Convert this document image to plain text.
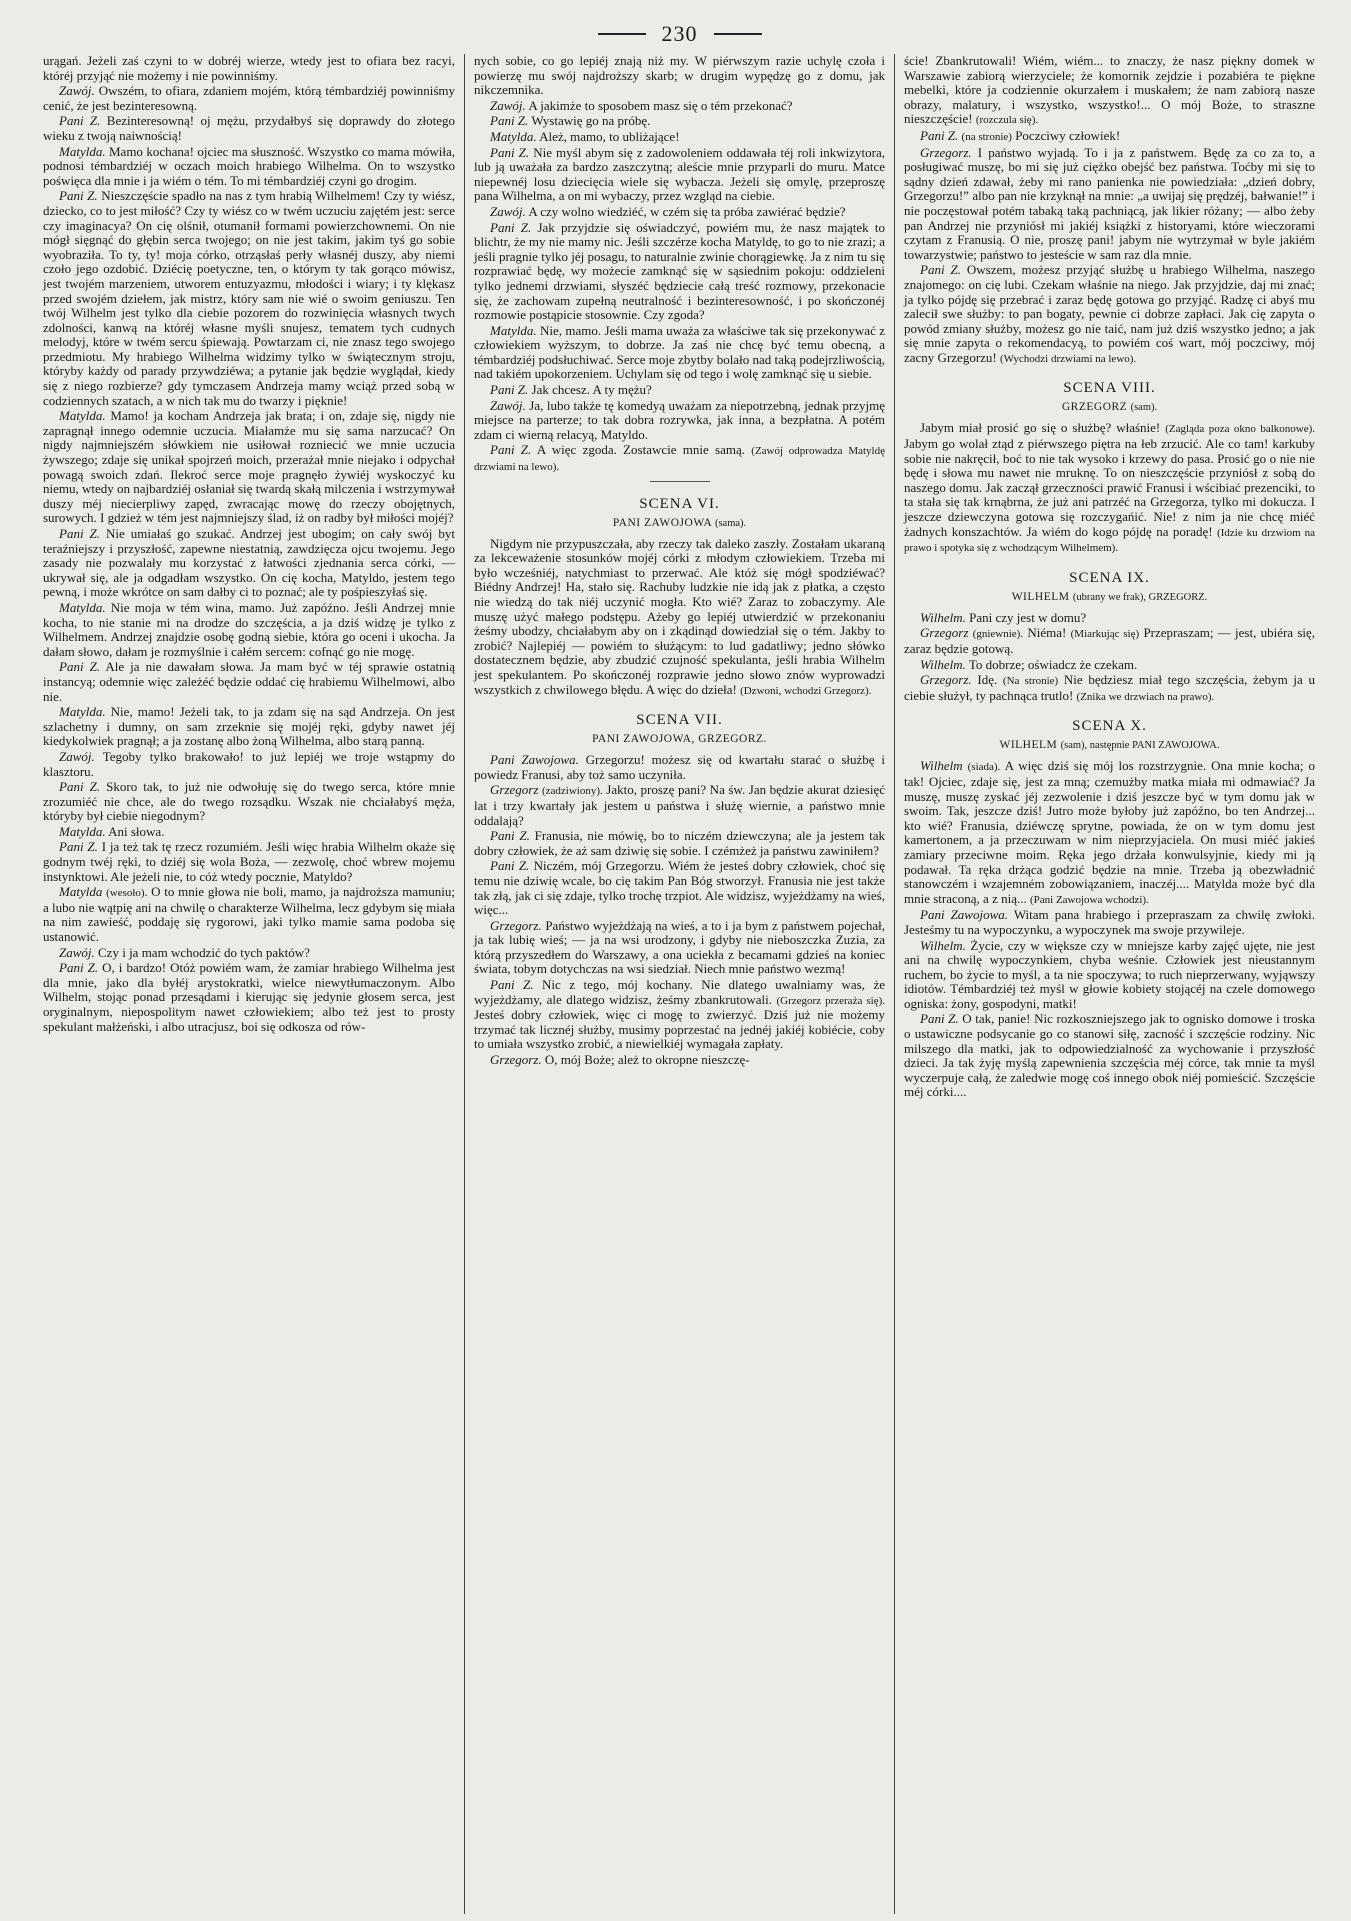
230

urągań. Jeżeli zaś czyni to w dobréj wierze, wtedy jest to ofiara bez racyi, któréj przyjąć nie możemy i nie powinniśmy.

Zawój. Owszém, to ofiara, zdaniem mojém, którą témbardziéj powinniśmy cenić, że jest bezinteresowną.

Pani Z. Bezinteresowną! oj mężu, przydałbyś się doprawdy do złotego wieku z twoją naiwnością!

Matylda. Mamo kochana! ojciec ma słuszność. Wszystko co mama mówiła, podnosi témbardziéj w oczach moich hrabiego Wilhelma. On to wszystko poświęca dla mnie i ja wiém o tém. To mi témbardziéj czyni go drogim.

Pani Z. Nieszczęście spadło na nas z tym hrabią Wilhelmem! Czy ty wiész, dziecko, co to jest miłość? Czy ty wiész co w twém uczuciu zajętém jest: serce czy imaginacya? On cię olśnił, otumanił formami powierzchownemi. On nie mógł sięgnąć do głębin serca twojego; on nie jest takim, jakim tyś go sobie wyobraziła. To ty, ty! moja córko, otrząsłaś perły własnéj duszy, aby niemi czoło jego ozdobić. Dziécię poetyczne, ten, o którym ty tak gorąco mówisz, jest twojém marzeniem, utworem entuzyazmu, młodości i wiary; i ty klękasz przed swojém dziełem, jak mistrz, który sam nie wié o swoim geniuszu. Ten twój Wilhelm jest tylko dla ciebie pozorem do rozwinięcia własnych twych zdolności, kanwą na któréj własne myśli snujesz, tematem tych cudnych melodyj, które w twém sercu śpiewają. Powtarzam ci, nie znasz tego swojego przedmiotu. My hrabiego Wilhelma widzimy tylko w świątecznym stroju, któryby każdy od parady przywdziéwa; a pytanie jak będzie wyglądał, kiedy się z niego rozbierze? gdy tymczasem Andrzeja mamy wciąż przed sobą w codziennych szatach, a w nich tak mu do twarzy i pięknie!

Matylda. Mamo! ja kocham Andrzeja jak brata; i on, zdaje się, nigdy nie zapragnął innego odemnie uczucia. Miałamże mu się sama narzucać? On nigdy najmniejszém słówkiem nie usiłował rozniecić we mnie uczucia żywszego; zdaje się unikał spojrzeń moich, przerażał mnie niejako i odpychał powagą swoich zdań. Ilekroć serce moje pragnęło żywiéj wyskoczyć ku niemu, wtedy on najbardziéj osłaniał się twardą skałą milczenia i wstrzymywał duszy méj niecierpliwy zapęd, zwracając mowę do rzeczy obojętnych, surowych. I gdzież w tém jest najmniejszy ślad, iż on radby był miłości mojéj?

Pani Z. Nie umiałaś go szukać. Andrzej jest ubogim; on cały swój byt teraźniejszy i przyszłość, zapewne niestatnią, zawdzięcza ojcu twojemu. Jego zasady nie pozwalały mu korzystać z łatwości zjednania serca córki, — ukrywał się, ale ja odgadłam wszystko. On cię kocha, Matyldo, jestem tego pewną, i może wkrótce on sam dałby ci to poznać; ale ty pośpieszyłaś się.

Matylda. Nie moja w tém wina, mamo. Już zapóźno. Jeśli Andrzej mnie kocha, to nie stanie mi na drodze do szczęścia, a ja dziś widzę je tylko z Wilhelmem. Andrzej znajdzie osobę godną siebie, która go oceni i ukocha. Ja dałam słowo, dałam je rozmyślnie i całém sercem: cofnąć go nie mogę.

Pani Z. Ale ja nie dawałam słowa. Ja mam być w téj sprawie ostatnią instancyą; odemnie więc zależéć będzie oddać cię hrabiemu Wilhelmowi, albo nie.

Matylda. Nie, mamo! Jeżeli tak, to ja zdam się na sąd Andrzeja. On jest szlachetny i dumny, on sam zrzeknie się mojéj ręki, gdyby nawet jéj kiedykolwiek pragnął; a ja zostanę albo żoną Wilhelma, albo starą panną.

Zawój. Tegoby tylko brakowało! to już lepiéj we troje wstąpmy do klasztoru.

Pani Z. Skoro tak, to już nie odwołuję się do twego serca, które mnie zrozumiéć nie chce, ale do twego rozsądku. Wszak nie chciałabyś męża, któryby był ciebie niegodnym?

Matylda. Ani słowa.

Pani Z. I ja też tak tę rzecz rozumiém. Jeśli więc hrabia Wilhelm okaże się godnym twéj ręki, to dziéj się wola Boża, — zezwolę, choć wbrew mojemu instynktowi. Ale jeżeli nie, to cóż wtedy pocznie, Matyldo?

Matylda (wesoło). O to mnie głowa nie boli, mamo, ja najdroższa mamuniu; a lubo nie wątpię ani na chwilę o charakterze Wilhelma, lecz gdybym się miała na nim zawieść, poddaję się rygorowi, jaki tylko mamie sama podoba się ustanowić.

Zawój. Czy i ja mam wchodzić do tych paktów?

Pani Z. O, i bardzo! Otóż powiém wam, że zamiar hrabiego Wilhelma jest dla mnie, jako dla byłéj arystokratki, wielce niewytłumaczonym. Albo Wilhelm, stojąc ponad przesądami i kierując się jedynie głosem serca, jest oryginalnym, niepospolitym nawet człowiekiem; albo też jest to prosty spekulant małżeński, i albo utracjusz, boi się odkosza od rów-

nych sobie, co go lepiéj znają niż my. W piérwszym razie uchylę czoła i powierzę mu swój najdroższy skarb; w drugim wypędzę go z domu, jak nikczemnika.

Zawój. A jakimże to sposobem masz się o tém przekonać?

Pani Z. Wystawię go na próbę.

Matylda. Ależ, mamo, to ubliżające!

Pani Z. Nie myśl abym się z zadowoleniem oddawała téj roli inkwizytora, lub ją uważała za bardzo zaszczytną; aleście mnie przyparli do muru. Matce niepewnéj losu dziecięcia wiele się wybacza. Jeżeli się omylę, przeproszę pana Wilhelma, a on mi wybaczy, przez wzgląd na ciebie.

Zawój. A czy wolno wiedziéć, w czém się ta próba zawiérać będzie?

Pani Z. Jak przyjdzie się oświadczyć, powiém mu, że nasz majątek to blichtr, że my nie mamy nic. Jeśli szczérze kocha Matyldę, to go to nie zrazi; a jeśli pragnie tylko jéj posagu, to naturalnie zwinie chorągiewkę. Ja z nim tu się rozprawiać będę, wy możecie zamknąć się w sąsiednim pokoju: oddzieleni tylko jednemi drzwiami, słyszéć będziecie całą treść rozmowy, przekonacie się, że zachowam zupełną neutralność i bezinteresowność, i po skończonéj rozmowie postąpicie stosownie. Czy zgoda?

Matylda. Nie, mamo. Jeśli mama uważa za właściwe tak się przekonywać z człowiekiem wyższym, to dobrze. Ja zaś nie chcę być temu obecną, a témbardziéj podsłuchiwać. Serce moje zbytby bolało nad taką podejrzliwością, nad takiém upokorzeniem. Uchylam się od tego i wolę zamknąć się u siebie.

Pani Z. Jak chcesz. A ty mężu?

Zawój. Ja, lubo także tę komedyą uważam za niepotrzebną, jednak przyjmę miejsce na parterze; to tak dobra rozrywka, jak inna, a bezpłatna. A potém zdam ci wierną relacyą, Matyldo.

Pani Z. A więc zgoda. Zostawcie mnie samą. (Zawój odprowadza Matyldę drzwiami na lewo).

SCENA VI.
PANI ZAWOJOWA (sama).

Nigdym nie przypuszczała, aby rzeczy tak daleko zaszły. Zostałam ukaraną za lekceważenie stosunków mojéj córki z młodym człowiekiem. Trzeba mi było wcześniéj, natychmiast to przerwać. Ale któż się mógł spodziéwać? Biédny Andrzej! Ha, stało się. Rachuby ludzkie nie idą jak z płatka, a często nie wiedzą do tak niéj uczynić mogła. Kto wié? Zaraz to zobaczymy. Ale muszę użyć małego podstępu. Ażeby go lepiéj utwierdzić w przekonaniu żeśmy ubodzy, chciałabym aby on i zkądinąd dowiedział się o tém. Jakby to zrobić? Najlepiéj — powiém to służącym: to lud gadatliwy; jedno słówko dostatecznem będzie, aby zbudzić czujność spekulanta, jeśli hrabia Wilhelm jest spekulantem. Po skończonéj rozprawie jedno słowo znów wyprowadzi wszystkich z chwilowego błędu. A więc do dzieła! (Dzwoni, wchodzi Grzegorz).

SCENA VII.
PANI ZAWOJOWA, GRZEGORZ.

Pani Zawojowa. Grzegorzu! możesz się od kwartału starać o służbę i powiedz Franusi, aby toż samo uczyniła.

Grzegorz (zadziwiony). Jakto, proszę pani? Na św. Jan będzie akurat dziesięć lat i trzy kwartały jak jestem u państwa i służę wiernie, a państwo mnie oddalają?

Pani Z. Franusia, nie mówię, bo to niczém dziewczyna; ale ja jestem tak dobry człowiek, że aż sam dziwię się sobie. I czémżeż ja państwu zawiniłem?

Pani Z. Niczém, mój Grzegorzu. Wiém że jesteś dobry człowiek, choć się temu nie dziwię wcale, bo cię takim Pan Bóg stworzył. Franusia nie jest także tak złą, jak ci się zdaje, tylko trochę trzpiot. Ale widzisz, wyjeżdżamy na wieś, więc...

Grzegorz. Państwo wyjeżdżają na wieś, a to i ja bym z państwem pojechał, ja tak lubię wieś; — ja na wsi urodzony, i gdyby nie nieboszczka Zuzia, za którą przyszedłem do Warszawy, a ona uciekła z becamami gdzieś na koniec świata, tobym dotychczas na wsi siedział. Niech mnie państwo wezmą!

Pani Z. Nic z tego, mój kochany. Nie dlatego uwalniamy was, że wyjeżdżamy, ale dlatego widzisz, żeśmy zbankrutowali. (Grzegorz przeraża się). Jesteś dobry człowiek, więc ci mogę to zwierzyć. Dziś już nie możemy trzymać tak licznéj służby, musimy poprzestać na jednéj jakiéj kobiécie, coby to umiała wszystko zrobić, a niewielkiéj wymagała zapłaty.

Grzegorz. O, mój Boże; ależ to okropne nieszczę-

ście! Zbankrutowali! Wiém, wiém... to znaczy, że nasz piękny domek w Warszawie zabiorą wierzyciele; że komornik zejdzie i pozabiéra te piękne mebelki, które ja codziennie okurzałem i muskałem; że nam zabiorą nasze obrazy, malatury, i wszystko, wszystko!... O mój Boże, to straszne nieszczęście! (rozczula się).

Pani Z. (na stronie) Poczciwy człowiek!

Grzegorz. I państwo wyjadą. To i ja z państwem. Będę za co za to, a posługiwać muszę, bo mi się już ciężko obejść bez państwa. Toćby mi się to sądny dzień zdawał, żeby mi rano panienka nie powiedziała: „dzień dobry, Grzegorzu!” albo pan nie krzyknął na mnie: „a uwijaj się prędzéj, bałwanie!” i nie poczęstował potém tabaką taką pachniącą, jak likier różany; — albo żeby pan Andrzej nie przyniósł mi jakiéj książki z historyami, które wieczorami czytam z Franusią. O nie, proszę pani! jabym nie wytrzymał w byle jakiém towarzystwie; państwo to jesteście w sam raz dla mnie.

Pani Z. Owszem, możesz przyjąć służbę u hrabiego Wilhelma, naszego znajomego: on cię lubi. Czekam właśnie na niego. Jak przyjdzie, daj mi znać; ja tylko pójdę się przebrać i zaraz będę gotowa go przyjąć. Radzę ci abyś mu zalecił swe służby: to pan bogaty, pewnie ci dobrze zapłaci. Jak cię zapyta o powód zmiany służby, możesz go nie taić, nam już dziś wszystko jedno; a jak się mnie zapyta o rekomendacyą, to powiém coś wart, mój poczciwy, mój zacny Grzegorzu! (Wychodzi drzwiami na lewo).

SCENA VIII.
GRZEGORZ (sam).

Jabym miał prosić go się o służbę? właśnie! (Zagląda poza okno balkonowe). Jabym go wolał ztąd z piérwszego piętra na łeb zrzucić. Ale co tam! karkuby sobie nie nakręcił, boć to nie tak wysoko i krzewy do pasa. Prosić go o nie nie będę i słowa mu nawet nie mruknę. To on nieszczęście przyniósł z sobą do naszego domu. Jak zaczął grzeczności prawić Franusi i wścibiać prezenciki, to ta stała się tak krnąbrna, że już ani patrzéć na Grzegorza, tylko mi dokucza. I jeszcze dziewczyna gotowa się rozczygańić. Nie! z nim ja nie chcę miéć żadnych konszachtów. Ja wiém do kogo pójdę na poradę! (Idzie ku drzwiom na prawo i spotyka się z wchodzącym Wilhelmem).

SCENA IX.
WILHELM (ubrany we frak), GRZEGORZ.

Wilhelm. Pani czy jest w domu?

Grzegorz (gniewnie). Niéma! (Miarkując się) Przepraszam; — jest, ubiéra się, zaraz będzie gotową.

Wilhelm. To dobrze; oświadcz że czekam.

Grzegorz. Idę. (Na stronie) Nie będziesz miał tego szczęścia, żebym ja u ciebie służył, ty pachnąca trutlo! (Znika we drzwiach na prawo).

SCENA X.
WILHELM (sam), następnie PANI ZAWOJOWA.

Wilhelm (siada). A więc dziś się mój los rozstrzygnie. Ona mnie kocha; o tak! Ojciec, zdaje się, jest za mną; czemużby matka miała mi odmawiać? Ja muszę, muszę zyskać jéj zezwolenie i dziś jeszcze być w tym domu jak w swoim. Tak, jeszcze dziś! Jutro może byłoby już zapóźno, bo ten Andrzej... kto wié? Franusia, dziéwczę sprytne, powiada, że on w tym domu jest kamertonem, a ja przeczuwam w nim nieprzyjaciela. On musi miéć jakieś zamiary przeciwne moim. Ręka jego drżała konwulsyjnie, kiedy mi ją podawał. Ta ręka drżąca godzić będzie na mnie. Trzeba ją obezwładnić stanowczém i wzajemném zobowiązaniem, inaczéj.... Matylda może być dla mnie straconą, a z nią... (Pani Zawojowa wchodzi).

Pani Zawojowa. Witam pana hrabiego i przepraszam za chwilę zwłoki. Jesteśmy tu na wypoczynku, a wypoczynek ma swoje przywileje.

Wilhelm. Życie, czy w większe czy w mniejsze karby zajęć ujęte, nie jest ani na chwilę wypoczynkiem, chyba weśnie. Człowiek jest nieustannym ruchem, bo życie to myśl, a ta nie spoczywa; to ruch nieprzerwany, wyjąwszy idiotów. Témbardziéj też myśl w głowie kobiety stojącéj na czele domowego ogniska: żony, gospodyni, matki!

Pani Z. O tak, panie! Nic rozkoszniejszego jak to ognisko domowe i troska o ustawiczne podsycanie go co stanowi siłę, zacność i szczęście rodziny. Nic milszego dla matki, jak to odpowiedzialność za wychowanie i przyszłość dzieci. Ja tak żyję myślą zapewnienia szczęścia méj córce, tak mnie ta myśl wyczerpuje całą, że zaledwie mogę coś innego obok niéj pomieścić. Szczęście méj córki....
